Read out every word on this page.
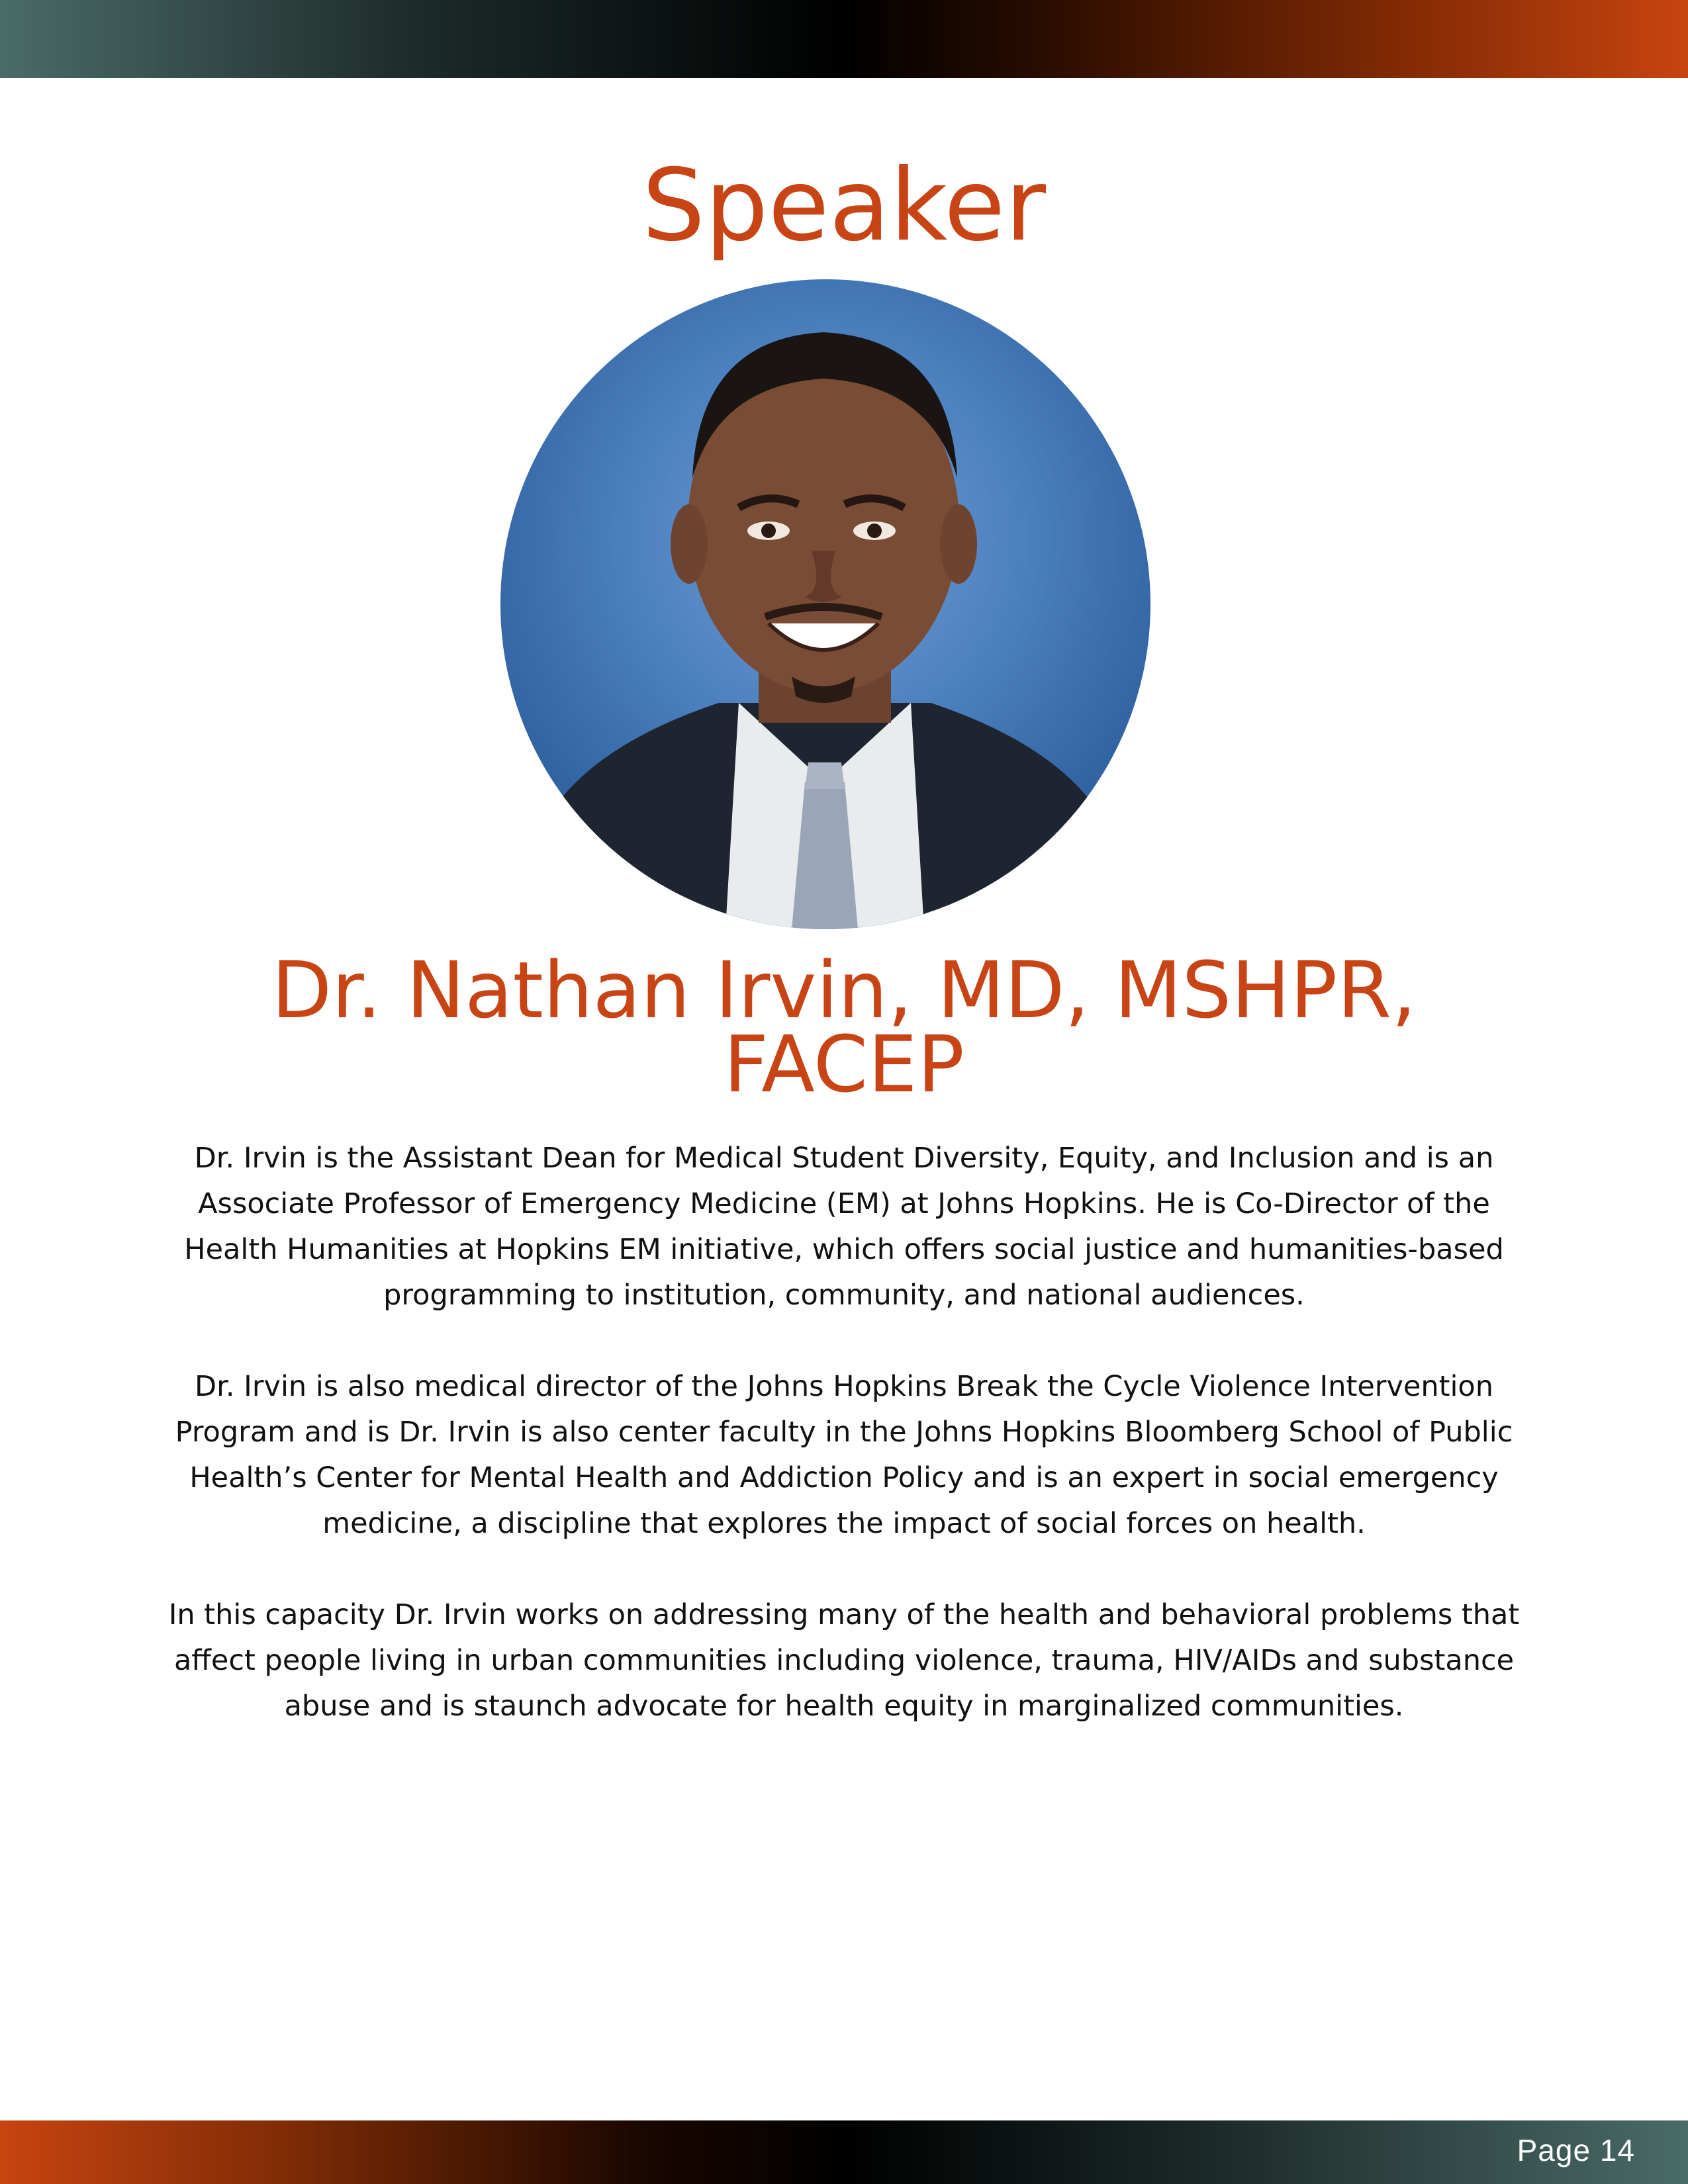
Speaker
Dr. Nathan Irvin, MD, MSHPR,
FACEP

Dr. Irvin is the Assistant Dean for Medical Student Diversity, Equity, and Inclusion and is an Associate Professor of Emergency Medicine (EM) at Johns Hopkins. He is Co-Director of the Health Humanities at Hopkins EM initiative, which offers social justice and humanities-based programming to institution, community, and national audiences.

Dr. Irvin is also medical director of the Johns Hopkins Break the Cycle Violence Intervention Program and is Dr. Irvin is also center faculty in the Johns Hopkins Bloomberg School of Public Health’s Center for Mental Health and Addiction Policy and is an expert in social emergency medicine, a discipline that explores the impact of social forces on health.

In this capacity Dr. Irvin works on addressing many of the health and behavioral problems that affect people living in urban communities including violence, trauma, HIV/AIDs and substance abuse and is staunch advocate for health equity in marginalized communities.

Page 14
